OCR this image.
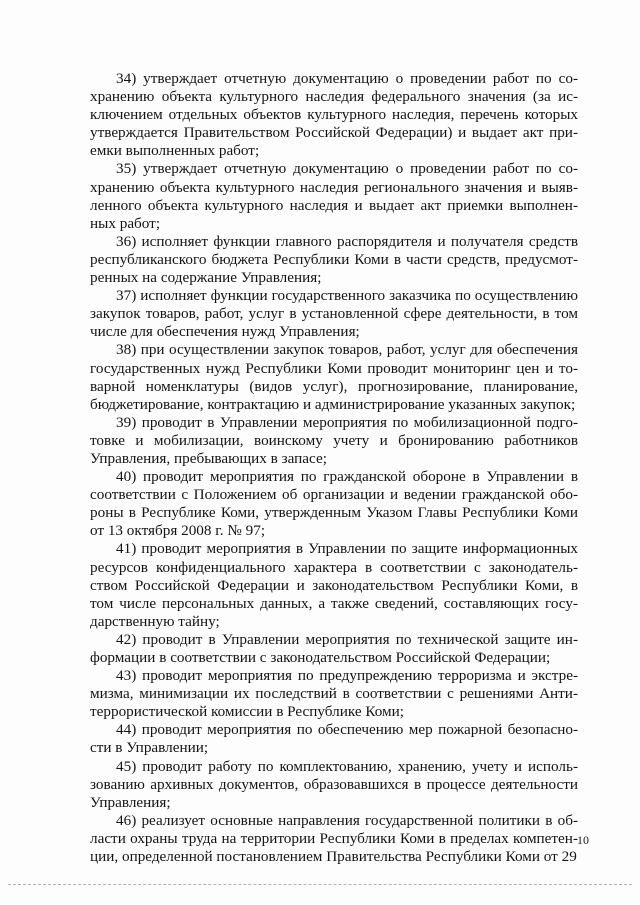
34) утверждает отчетную документацию о проведении работ по сохранению объекта культурного наследия федерального значения (за исключением отдельных объектов культурного наследия, перечень которых утверждается Правительством Российской Федерации) и выдает акт приемки выполненных работ;

35) утверждает отчетную документацию о проведении работ по сохранению объекта культурного наследия регионального значения и выявленного объекта культурного наследия и выдает акт приемки выполненных работ;

36) исполняет функции главного распорядителя и получателя средств республиканского бюджета Республики Коми в части средств, предусмотренных на содержание Управления;

37) исполняет функции государственного заказчика по осуществлению закупок товаров, работ, услуг в установленной сфере деятельности, в том числе для обеспечения нужд Управления;

38) при осуществлении закупок товаров, работ, услуг для обеспечения государственных нужд Республики Коми проводит мониторинг цен и товарной номенклатуры (видов услуг), прогнозирование, планирование, бюджетирование, контрактацию и администрирование указанных закупок;

39) проводит в Управлении мероприятия по мобилизационной подготовке и мобилизации, воинскому учету и бронированию работников Управления, пребывающих в запасе;

40) проводит мероприятия по гражданской обороне в Управлении в соответствии с Положением об организации и ведении гражданской обороны в Республике Коми, утвержденным Указом Главы Республики Коми от 13 октября 2008 г. № 97;

41) проводит мероприятия в Управлении по защите информационных ресурсов конфиденциального характера в соответствии с законодательством Российской Федерации и законодательством Республики Коми, в том числе персональных данных, а также сведений, составляющих государственную тайну;

42) проводит в Управлении мероприятия по технической защите информации в соответствии с законодательством Российской Федерации;

43) проводит мероприятия по предупреждению терроризма и экстремизма, минимизации их последствий в соответствии с решениями Антитеррористической комиссии в Республике Коми;

44) проводит мероприятия по обеспечению мер пожарной безопасности в Управлении;

45) проводит работу по комплектованию, хранению, учету и использованию архивных документов, образовавшихся в процессе деятельности Управления;

46) реализует основные направления государственной политики в области охраны труда на территории Республики Коми в пределах компетенции, определенной постановлением Правительства Республики Коми от 29

10
